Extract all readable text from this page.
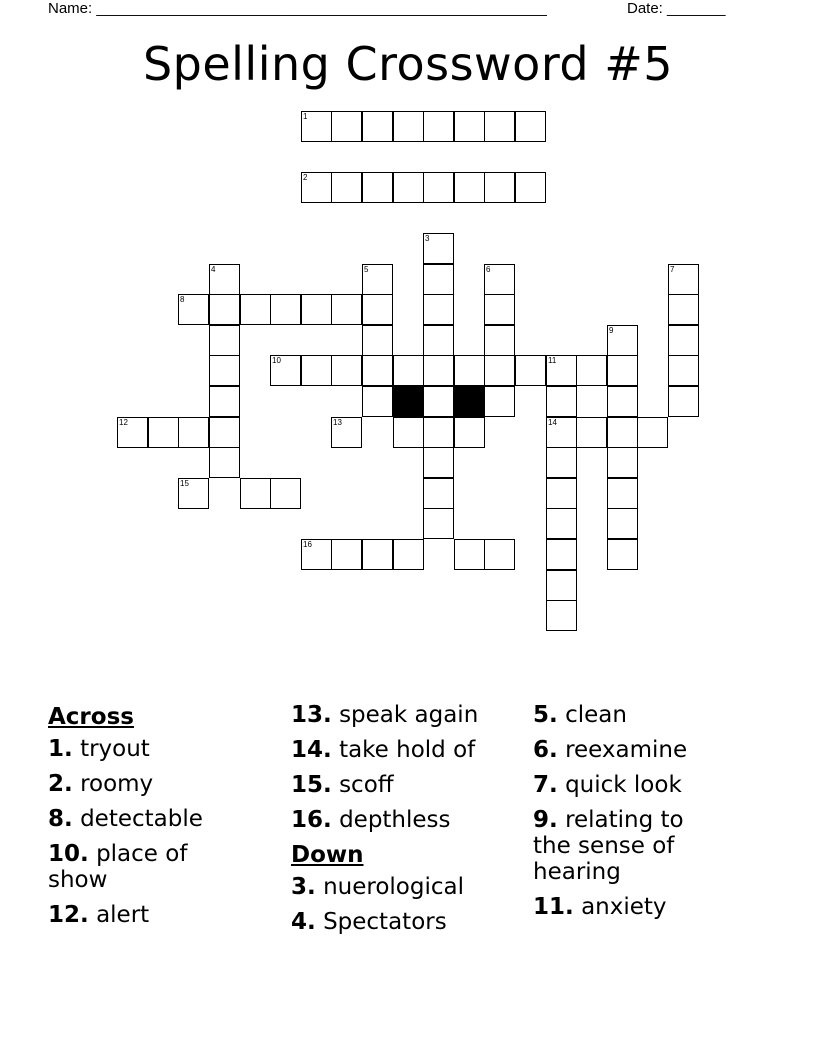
Name: ______________________________________________________	Date: _______
Spelling Crossword #5
1
2
3
4	5	6	7
8
9
10	11
14
12	13
15
16
Across
1. tryout
2. roomy
8. detectable
10. place of show
12. alert
13. speak again
14. take hold of
15. scoff
16. depthless
Down
3. nuerological
4. Spectators
5. clean
6. reexamine
7. quick look
9. relating to the sense of hearing
11. anxiety
